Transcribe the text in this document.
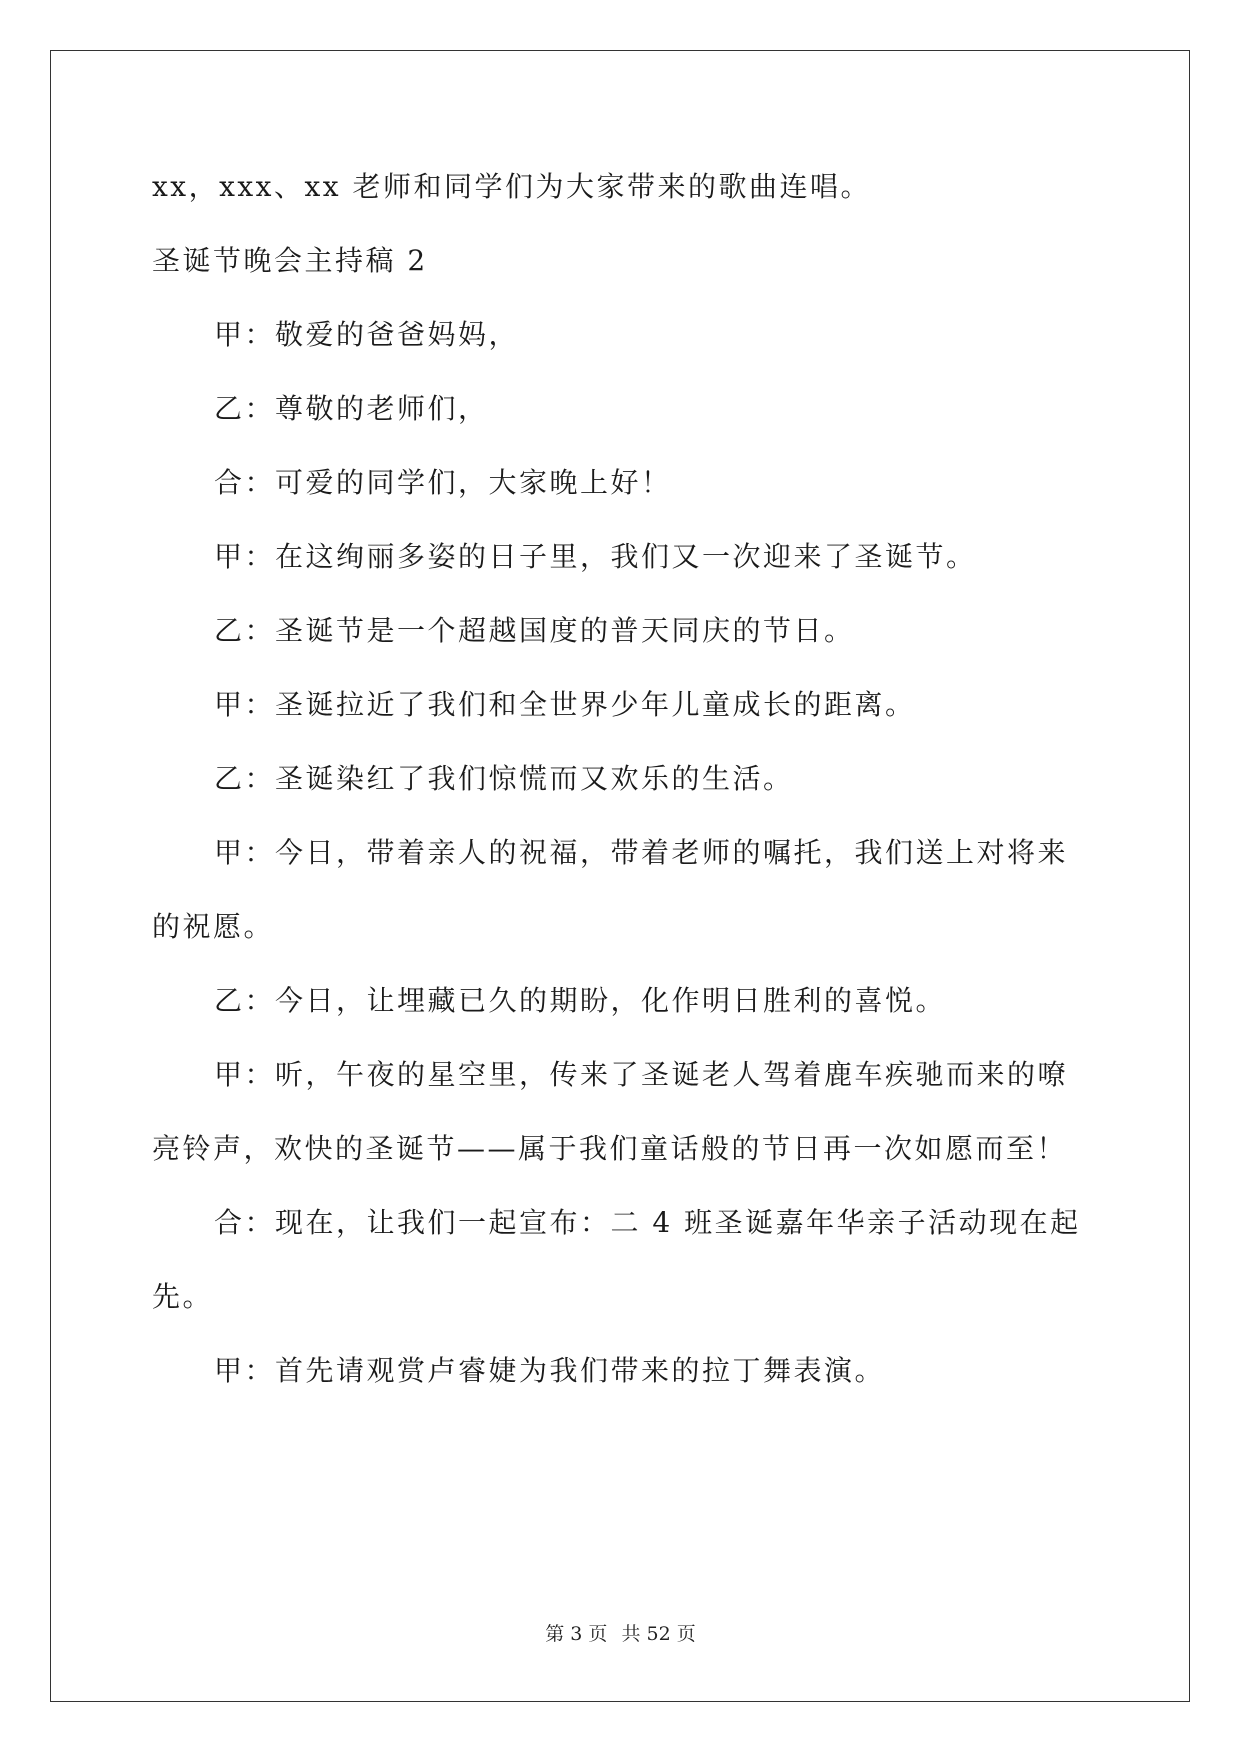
xx，xxx、xx 老师和同学们为大家带来的歌曲连唱。
圣诞节晚会主持稿 2
甲：敬爱的爸爸妈妈，
乙：尊敬的老师们，
合：可爱的同学们，大家晚上好！
甲：在这绚丽多姿的日子里，我们又一次迎来了圣诞节。
乙：圣诞节是一个超越国度的普天同庆的节日。
甲：圣诞拉近了我们和全世界少年儿童成长的距离。
乙：圣诞染红了我们惊慌而又欢乐的生活。
甲：今日，带着亲人的祝福，带着老师的嘱托，我们送上对将来
的祝愿。
乙：今日，让埋藏已久的期盼，化作明日胜利的喜悦。
甲：听，午夜的星空里，传来了圣诞老人驾着鹿车疾驰而来的嘹
亮铃声，欢快的圣诞节——属于我们童话般的节日再一次如愿而至！
合：现在，让我们一起宣布：二 4 班圣诞嘉年华亲子活动现在起
先。
甲：首先请观赏卢睿婕为我们带来的拉丁舞表演。
第 3 页 共 52 页
